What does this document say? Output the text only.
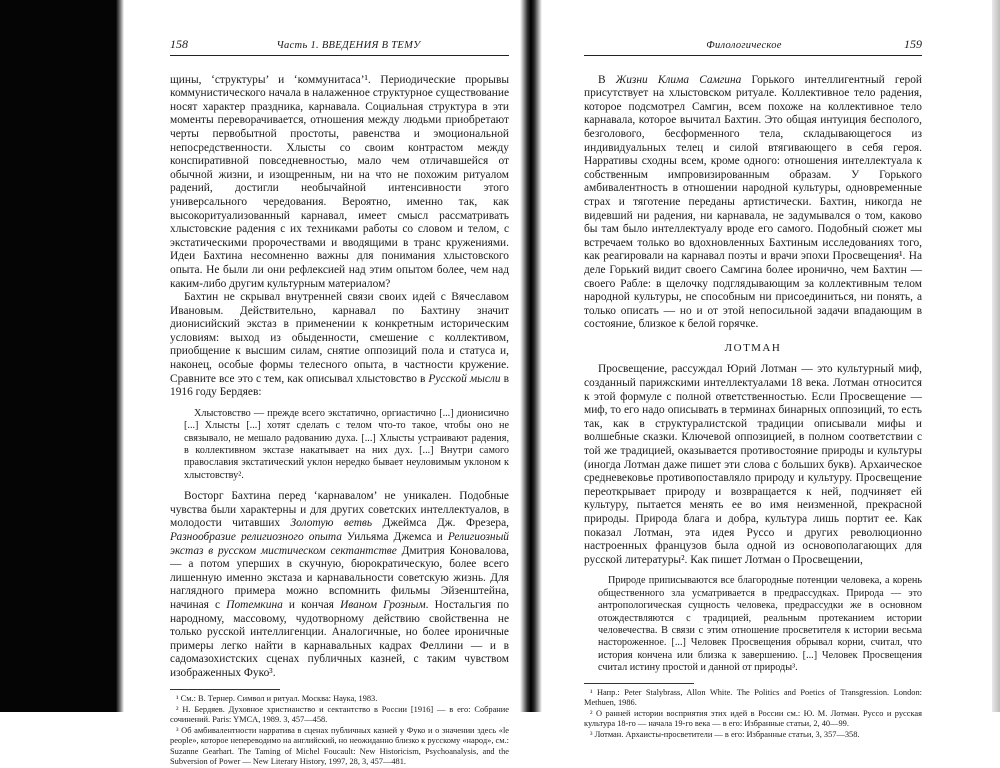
158	Часть 1. ВВЕДЕНИЯ В ТЕМУ

щины, ‘структуры’ и ‘коммунитаса’¹. Периодические прорывы коммунистического начала в налаженное структурное существование носят характер праздника, карнавала. Социальная структура в эти моменты переворачивается, отношения между людьми приобретают черты первобытной простоты, равенства и эмоциональной непосредственности. Хлысты со своим контрастом между конспиративной повседневностью, мало чем отличавшейся от обычной жизни, и изощренным, ни на что не похожим ритуалом радений, достигли необычайной интенсивности этого универсального чередования. Вероятно, именно так, как высокоритуализованный карнавал, имеет смысл рассматривать хлыстовские радения с их техниками работы со словом и телом, с экстатическими пророчествами и вводящими в транс кружениями. Идеи Бахтина несомненно важны для понимания хлыстовского опыта. Не были ли они рефлексией над этим опытом более, чем над каким-либо другим культурным материалом?

Бахтин не скрывал внутренней связи своих идей с Вячеславом Ивановым. Действительно, карнавал по Бахтину значит дионисийский экстаз в применении к конкретным историческим условиям: выход из обыденности, смешение с коллективом, приобщение к высшим силам, снятие оппозиций пола и статуса и, наконец, особые формы телесного опыта, в частности кружение. Сравните все это с тем, как описывал хлыстовство в Русской мысли в 1916 году Бердяев:

Хлыстовство — прежде всего экстатично, оргиастично [...] дионисично [...] Хлысты [...] хотят сделать с телом что-то такое, чтобы оно не связывало, не мешало радованию духа. [...] Хлысты устраивают радения, в коллективном экстазе накатывает на них дух. [...] Внутри самого православия экстатический уклон нередко бывает неуловимым уклоном к хлыстовству².

Восторг Бахтина перед ‘карнавалом’ не уникален. Подобные чувства были характерны и для других советских интеллектуалов, в молодости читавших Золотую ветвь Джеймса Дж. Фрезера, Разнообразие религиозного опыта Уильяма Джемса и Религиозный экстаз в русском мистическом сектантстве Дмитрия Коновалова, — а потом уперших в скучную, бюрократическую, более всего лишенную именно экстаза и карнавальности советскую жизнь. Для наглядного примера можно вспомнить фильмы Эйзенштейна, начиная с Потемкина и кончая Иваном Грозным. Ностальгия по народному, массовому, чудотворному действию свойственна не только русской интеллигенции. Аналогичные, но более ироничные примеры легко найти в карнавальных кадрах Феллини — и в садомазохистских сценах публичных казней, с таким чувством изображенных Фуко³.

¹ См.: В. Тернер. Символ и ритуал. Москва: Наука, 1983.

² Н. Бердяев. Духовное христианство и сектантство в России [1916] — в его: Собрание сочинений. Paris: YMCA, 1989. 3, 457—458.

³ Об амбивалентности нарратива в сценах публичных казней у Фуко и о значении здесь «le people», которое непереводимо на английский, но неожиданно близко к русскому «народ», см.: Suzanne Gearhart. The Taming of Michel Foucault: New Historicism, Psychoanalysis, and the Subversion of Power — New Literary History, 1997, 28, 3, 457—481.

Филологическое	159

В Жизни Клима Самгина Горького интеллигентный герой присутствует на хлыстовском ритуале. Коллективное тело радения, которое подсмотрел Самгин, всем похоже на коллективное тело карнавала, которое вычитал Бахтин. Это общая интуиция бесполого, безголового, бесформенного тела, складывающегося из индивидуальных телец и силой втягивающего в себя героя. Нарративы сходны всем, кроме одного: отношения интеллектуала к собственным импровизированным образам. У Горького амбивалентность в отношении народной культуры, одновременные страх и тяготение переданы артистически. Бахтин, никогда не видевший ни радения, ни карнавала, не задумывался о том, каково бы там было интеллектуалу вроде его самого. Подобный сюжет мы встречаем только во вдохновленных Бахтиным исследованиях того, как реагировали на карнавал поэты и врачи эпохи Просвещения¹. На деле Горький видит своего Самгина более иронично, чем Бахтин — своего Рабле: в щелочку подглядывающим за коллективным телом народной культуры, не способным ни присоединиться, ни понять, а только описать — но и от этой непосильной задачи впадающим в состояние, близкое к белой горячке.

ЛОТМАН

Просвещение, рассуждал Юрий Лотман — это культурный миф, созданный парижскими интеллектуалами 18 века. Лотман относится к этой формуле с полной ответственностью. Если Просвещение — миф, то его надо описывать в терминах бинарных оппозиций, то есть так, как в структуралистской традиции описывали мифы и волшебные сказки. Ключевой оппозицией, в полном соответствии с той же традицией, оказывается противостояние природы и культуры (иногда Лотман даже пишет эти слова с больших букв). Архаическое средневековье противопоставляло природу и культуру. Просвещение переоткрывает природу и возвращается к ней, подчиняет ей культуру, пытается менять ее во имя неизменной, прекрасной природы. Природа блага и добра, культура лишь портит ее. Как показал Лотман, эта идея Руссо и других революционно настроенных французов была одной из основополагающих для русской литературы². Как пишет Лотман о Просвещении,

Природе приписываются все благородные потенции человека, а корень общественного зла усматривается в предрассудках. Природа — это антропологическая сущность человека, предрассудки же в основном отождествляются с традицией, реальным протеканием истории человечества. В связи с этим отношение просветителя к истории весьма настороженное. [...] Человек Просвещения обрывал корни, считал, что история кончена или близка к завершению. [...] Человек Просвещения считал истину простой и данной от природы³.

¹ Напр.: Peter Stalybrass, Allon White. The Politics and Poetics of Transgression. London: Methuen, 1986.

² О ранней истории восприятия этих идей в России см.: Ю. М. Лотман. Руссо и русская культура 18-го — начала 19-го века — в его: Избранные статьи, 2, 40—99.

³ Лотман. Архаисты-просветители — в его: Избранные статьи, 3, 357—358.
